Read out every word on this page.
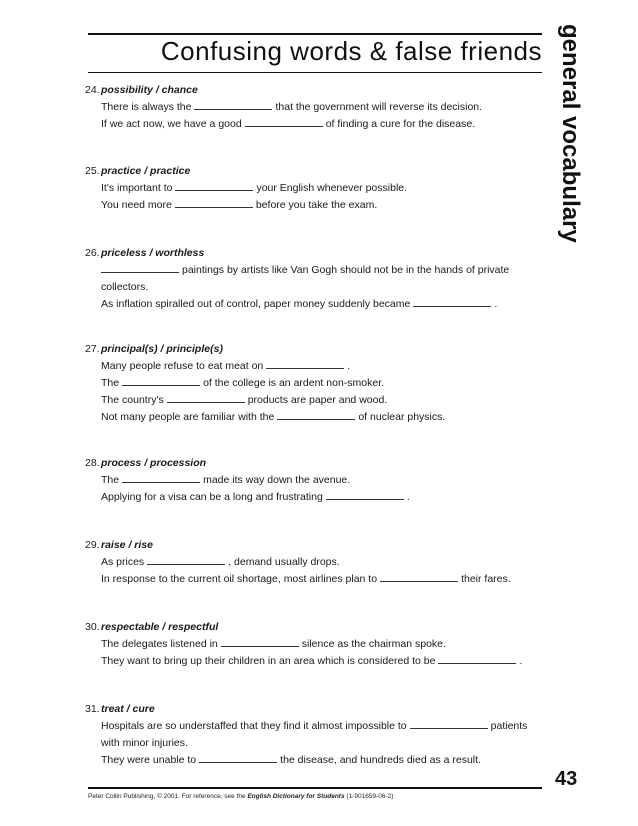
Confusing words & false friends general vocabulary
24. possibility / chance
There is always the	that the government will reverse its decision.
If we act now, we have a good	of finding a cure for the disease.
25. practice / practice
It's important to	your English whenever possible.
You need more	before you take the exam.
26. priceless / worthless
paintings by artists like Van Gogh should not be in the hands of private collectors.
As inflation spiralled out of control, paper money suddenly became	.
27. principal(s) / principle(s)
Many people refuse to eat meat on	.
The	of the college is an ardent non-smoker.
The country's	products are paper and wood.
Not many people are familiar with the	of nuclear physics.
28. process / procession
The	made its way down the avenue.
Applying for a visa can be a long and frustrating	.
29. raise / rise
As prices	, demand usually drops.
In response to the current oil shortage, most airlines plan to	their fares.
30. respectable / respectful
The delegates listened in	silence as the chairman spoke.
They want to bring up their children in an area which is considered to be	.
31. treat / cure
Hospitals are so understaffed that they find it almost impossible to	patients with minor injuries.
They were unable to	the disease, and hundreds died as a result.
43
Peter Collin Publishing, © 2001. For reference, see the English Dictionary for Students (1-901659-06-2)
